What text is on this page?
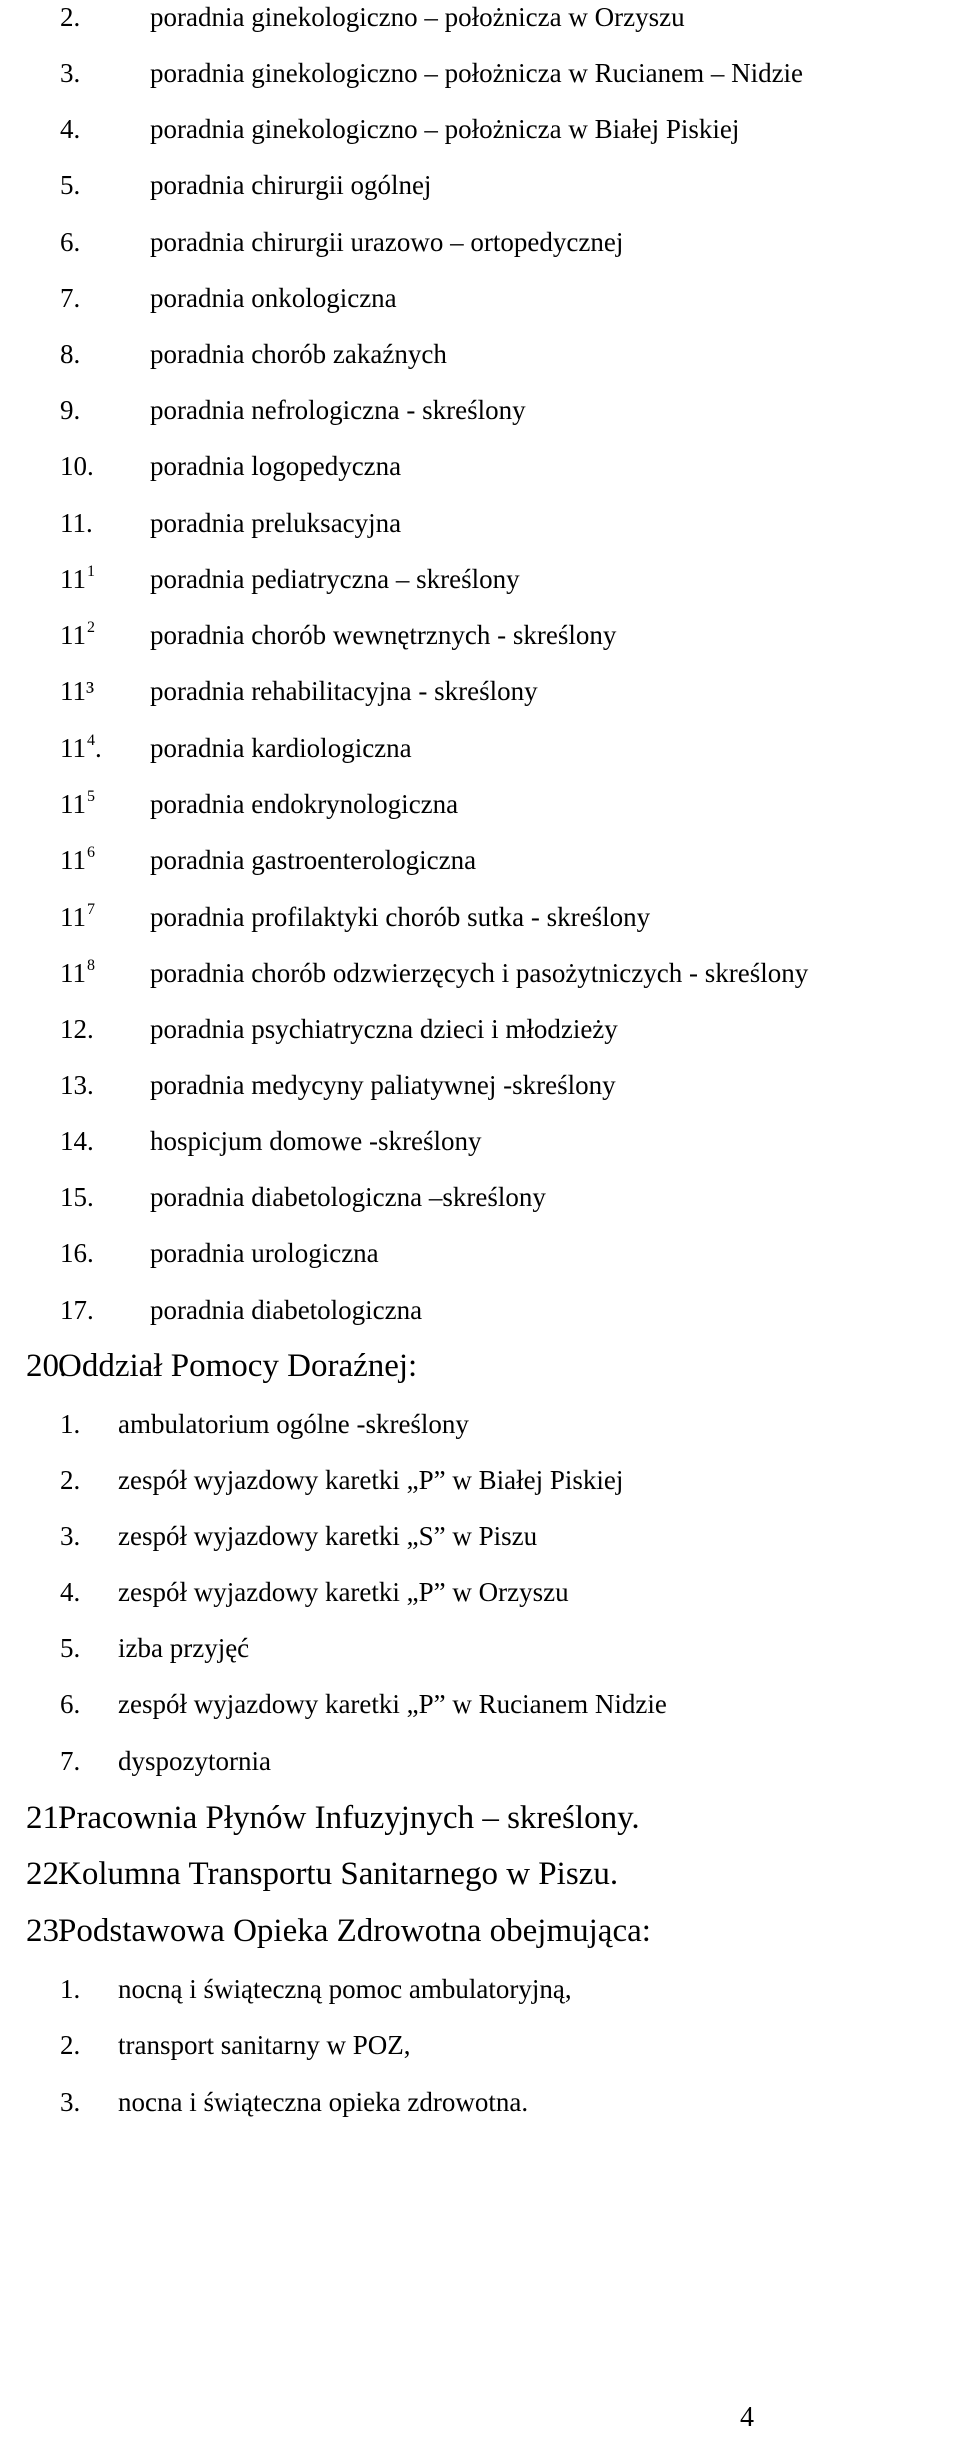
2.	poradnia ginekologiczno – położnicza w Orzyszu
3.	poradnia ginekologiczno – położnicza w Rucianem – Nidzie
4.	poradnia ginekologiczno – położnicza w Białej Piskiej
5.	poradnia chirurgii ogólnej
6.	poradnia chirurgii urazowo – ortopedycznej
7.	poradnia onkologiczna
8.	poradnia chorób zakaźnych
9.	poradnia nefrologiczna - skreślony
10. poradnia logopedyczna
11. poradnia preluksacyjna
$11^1$ poradnia pediatryczna – skreślony
$11^2$ poradnia chorób wewnętrznych - skreślony
11³ poradnia rehabilitacyjna - skreślony
$11^4$. poradnia kardiologiczna
$11^5$ poradnia endokrynologiczna
$11^6$ poradnia gastroenterologiczna
$11^7$ poradnia profilaktyki chorób sutka - skreślony
$11^8$ poradnia chorób odzwierzęcych i pasożytniczych - skreślony
12. poradnia psychiatryczna dzieci i młodzieży
13. poradnia medycyny paliatywnej -skreślony
14. hospicjum domowe -skreślony
15. poradnia diabetologiczna –skreślony
16. poradnia urologiczna
17. poradnia diabetologiczna
20.
Oddział Pomocy Doraźnej:
1. ambulatorium ogólne -skreślony
2. zespół wyjazdowy karetki „P” w Białej Piskiej
3. zespół wyjazdowy karetki „S” w Piszu
4. zespół wyjazdowy karetki „P” w Orzyszu
5. izba przyjęć
6. zespół wyjazdowy karetki „P” w Rucianem Nidzie
7. dyspozytornia
21.
Pracownia Płynów Infuzyjnych – skreślony.
22.
Kolumna Transportu Sanitarnego w Piszu.
23.
Podstawowa Opieka Zdrowotna obejmująca:
1. nocną i świąteczną pomoc ambulatoryjną,
2. transport sanitarny w POZ,
3. nocna i świąteczna opieka zdrowotna.
4
